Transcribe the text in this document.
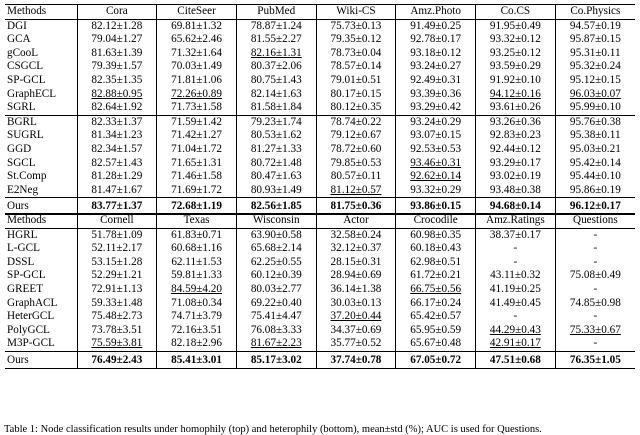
Methods	Cora	CiteSeer	PubMed	Wiki-CS	Amz.Photo	Co.CS	Co.Physics
DGI	82.12±1.28	69.81±1.32	78.87±1.24	75.73±0.13	91.49±0.25	91.95±0.49	94.57±0.19
GCA	79.04±1.27	65.62±2.46	81.55±2.27	79.35±0.12	92.78±0.17	93.32±0.12	95.87±0.15
gCooL	81.63±1.39	71.32±1.64	82.16±1.31	78.73±0.04	93.18±0.12	93.25±0.12	95.31±0.11
CSGCL	79.39±1.57	70.03±1.49	80.37±2.06	78.57±0.14	93.24±0.27	93.59±0.29	95.32±0.24
SP-GCL	82.35±1.35	71.81±1.06	80.75±1.43	79.01±0.51	92.49±0.31	91.92±0.10	95.12±0.15
GraphECL	82.88±0.95	72.26±0.89	82.14±1.63	80.17±0.15	93.39±0.36	94.12±0.16	96.03±0.07
SGRL	82.64±1.92	71.73±1.58	81.58±1.84	80.12±0.35	93.29±0.42	93.61±0.26	95.99±0.10
BGRL	82.33±1.37	71.59±1.42	79.23±1.74	78.74±0.22	93.24±0.29	93.26±0.36	95.76±0.38
SUGRL	81.34±1.23	71.42±1.27	80.53±1.62	79.12±0.67	93.07±0.15	92.83±0.23	95.38±0.11
GGD	82.34±1.57	71.04±1.72	81.27±1.33	78.72±0.60	92.53±0.53	92.44±0.12	95.03±0.21
SGCL	82.57±1.43	71.65±1.31	80.72±1.48	79.85±0.53	93.46±0.31	93.29±0.17	95.42±0.14
St.Comp	81.28±1.29	71.46±1.58	80.47±1.63	80.57±0.11	92.62±0.14	93.02±0.19	95.44±0.10
E2Neg	81.47±1.67	71.69±1.72	80.93±1.49	81.12±0.57	93.32±0.29	93.48±0.38	95.86±0.19
Ours	83.77±1.37	72.68±1.19	82.56±1.85	81.75±0.36	93.86±0.15	94.68±0.14	96.12±0.17
Methods	Cornell	Texas	Wisconsin	Actor	Crocodile	Amz.Ratings	Questions
HGRL	51.78±1.09	61.83±0.71	63.90±0.58	32.58±0.24	60.98±0.35	38.37±0.17	-
L-GCL	52.11±2.17	60.68±1.16	65.68±2.14	32.12±0.37	60.18±0.43	-	-
DSSL	53.15±1.28	62.11±1.53	62.25±0.55	28.15±0.31	62.98±0.51	-	-
SP-GCL	52.29±1.21	59.81±1.33	60.12±0.39	28.94±0.69	61.72±0.21	43.11±0.32	75.08±0.49
GREET	72.91±1.13	84.59±4.20	80.03±2.77	36.14±1.38	66.75±0.56	41.19±0.25	-
GraphACL	59.33±1.48	71.08±0.34	69.22±0.40	30.03±0.13	66.17±0.24	41.49±0.45	74.85±0.98
HeterGCL	75.48±2.73	74.71±3.79	75.41±4.47	37.20±0.44	65.42±0.57	-	-
PolyGCL	73.78±3.51	72.16±3.51	76.08±3.33	34.37±0.69	65.95±0.59	44.29±0.43	75.33±0.67
M3P-GCL	75.59±3.81	82.18±2.96	81.67±2.23	35.77±0.52	65.67±0.48	42.91±0.17	-
Ours	76.49±2.43	85.41±3.01	85.17±3.02	37.74±0.78	67.05±0.72	47.51±0.68	76.35±1.05
Table 1: Node classification results under homophily (top) and heterophily (bottom), mean±std (%); AUC is used for Questions.
